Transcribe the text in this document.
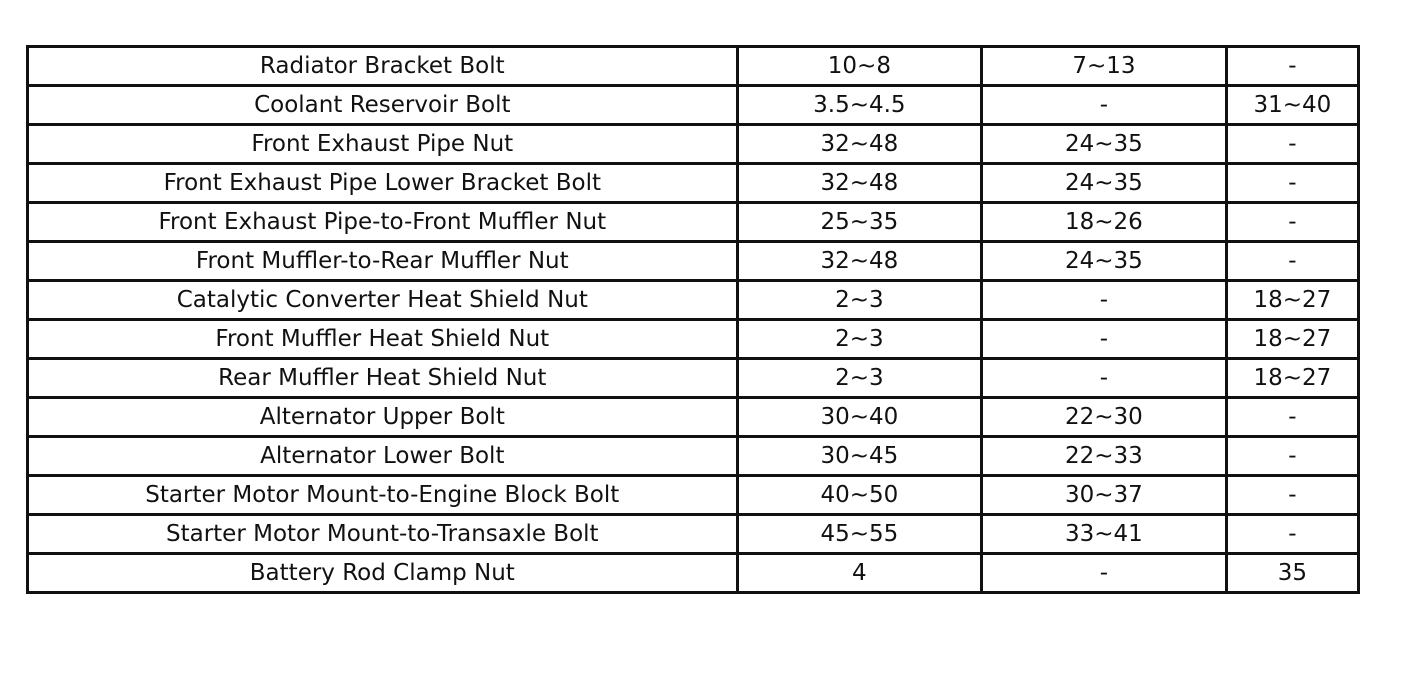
Radiator Bracket Bolt	10~8	7~13	-
Coolant Reservoir Bolt	3.5~4.5	-	31~40
Front Exhaust Pipe Nut	32~48	24~35	-
Front Exhaust Pipe Lower Bracket Bolt	32~48	24~35	-
Front Exhaust Pipe-to-Front Muffler Nut	25~35	18~26	-
Front Muffler-to-Rear Muffler Nut	32~48	24~35	-
Catalytic Converter Heat Shield Nut	2~3	-	18~27
Front Muffler Heat Shield Nut	2~3	-	18~27
Rear Muffler Heat Shield Nut	2~3	-	18~27
Alternator Upper Bolt	30~40	22~30	-
Alternator Lower Bolt	30~45	22~33	-
Starter Motor Mount-to-Engine Block Bolt	40~50	30~37	-
Starter Motor Mount-to-Transaxle Bolt	45~55	33~41	-
Battery Rod Clamp Nut	4	-	35
